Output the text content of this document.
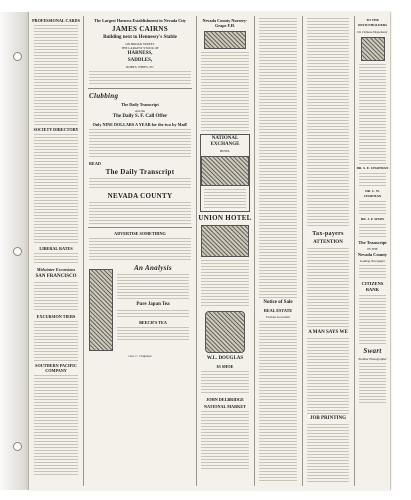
PROFESSIONAL CARDS
SOCIETY DIRECTORY
LIBERAL RATES
Midwinter Excursions
SAN FRANCISCO
EXCURSION TIERS
SOUTHERN PACIFIC COMPANY
The Largest Harness Establishment in Nevada City
JAMES CAIRNS
Building next to Hennessy's Stable
ON BROAD STREET
THE LARGEST STOCK OF
HARNESS,
SADDLES,
ROBES, WHIPS, Etc
Clubbing
The Daily Transcript
And the
The Daily S. F. Call Offer
Only NINE DOLLARS A YEAR for the two by Mail!
READ
The Daily Transcript
NEVADA COUNTY
ADVERTISE SOMETHING
An Analysis
Pure Japan Tea
BEECH'S TEA
Geo. C. Chapman
Nevada County Nursery-Grape F.H.
NATIONAL EXCHANGE
HOTEL
UNION HOTEL
W.L. DOUGLAS
$3 SHOE
JOHN DELBRIDGE
NATIONAL MARKET
Notice of Sale
REAL ESTATE
Probate Accordant
Tax-payers
ATTENTION
A MAN SAYS WE
JOB PRINTING
TO THE OFFICEHOLDERS
Dr. Chinese Dispensary
DR. S. E. CHAPMAN
DR. C. W. CHAPMAN
DR. J. F. SHAW
The Transcript
IN THE
Nevada County
Leading Newspaper
CITIZENS BANK
Swart
Premier Photographer
